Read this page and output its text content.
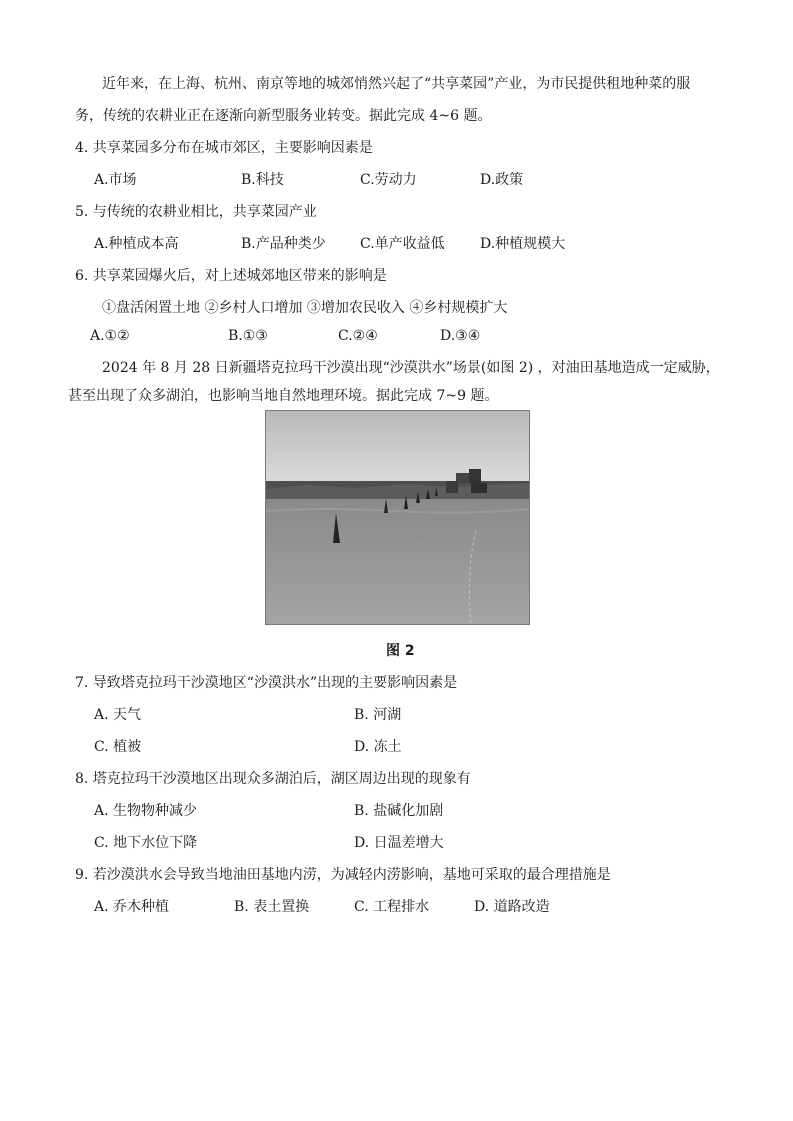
近年来，在上海、杭州、南京等地的城郊悄然兴起了“共享菜园”产业，为市民提供租地种菜的服
务，传统的农耕业正在逐渐向新型服务业转变。据此完成 4~6 题。
4. 共享菜园多分布在城市郊区，主要影响因素是
A.市场	B.科技	C.劳动力	D.政策
5. 与传统的农耕业相比，共享菜园产业
A.种植成本高	B.产品种类少 C.单产收益低	D.种植规模大
6. 共享菜园爆火后，对上述城郊地区带来的影响是
①盘活闲置土地 ②乡村人口增加 ③增加农民收入 ④乡村规模扩大
A.①②	B.①③	C.②④	D.③④
2024 年 8 月 28 日新疆塔克拉玛干沙漠出现“沙漠洪水”场景(如图 2) ，对油田基地造成一定威胁，
甚至出现了众多湖泊，也影响当地自然地理环境。据此完成 7~9 题。
图 2
7. 导致塔克拉玛干沙漠地区“沙漠洪水”出现的主要影响因素是
A. 天气	B. 河湖
C. 植被	D. 冻土
8. 塔克拉玛干沙漠地区出现众多湖泊后，湖区周边出现的现象有
A. 生物物种减少	B. 盐碱化加剧
C. 地下水位下降	D. 日温差增大
9. 若沙漠洪水会导致当地油田基地内涝，为减轻内涝影响，基地可采取的最合理措施是
A. 乔木种植	B. 表土置换	C. 工程排水	D. 道路改造
